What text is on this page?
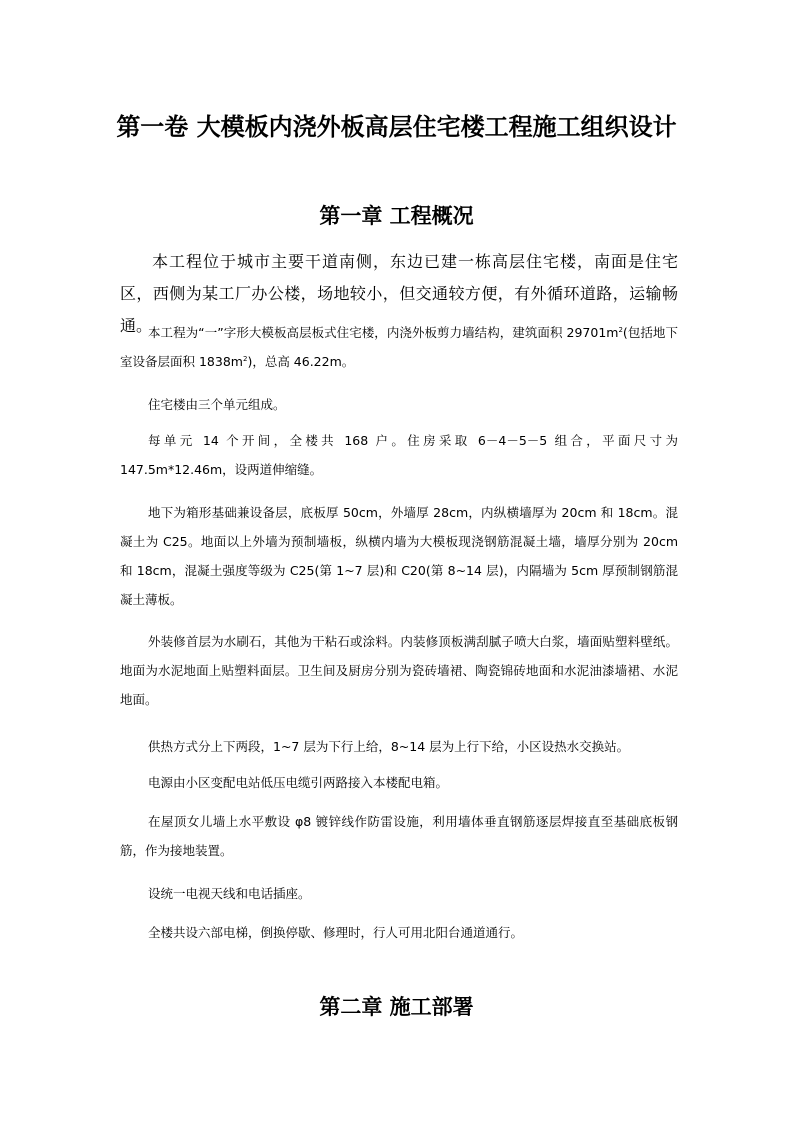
第一卷 大模板内浇外板高层住宅楼工程施工组织设计
第一章 工程概况

本工程位于城市主要干道南侧，东边已建一栋高层住宅楼，南面是住宅区，西侧为某工厂办公楼，场地较小，但交通较方便，有外循环道路，运输畅通。

本工程为“一”字形大模板高层板式住宅楼，内浇外板剪力墙结构，建筑面积 $29701m^2$(包括地下室设备层面积 $1838m^2$)，总高 46.22m。

住宅楼由三个单元组成。

每单元 14 个开间，全楼共 168 户。住房采取 6－4－5－5 组合，平面尺寸为 147.5m*12.46m，设两道伸缩缝。

地下为箱形基础兼设备层，底板厚 50cm，外墙厚 28cm，内纵横墙厚为 20cm 和 18cm。混凝土为 C25。地面以上外墙为预制墙板，纵横内墙为大模板现浇钢筋混凝土墙，墙厚分别为 20cm 和 18cm，混凝土强度等级为 C25(第 1~7 层)和 C20(第 8~14 层)，内隔墙为 5cm 厚预制钢筋混凝土薄板。

外装修首层为水刷石，其他为干粘石或涂料。内装修顶板满刮腻子喷大白浆，墙面贴塑料壁纸。地面为水泥地面上贴塑料面层。卫生间及厨房分别为瓷砖墙裙、陶瓷锦砖地面和水泥油漆墙裙、水泥地面。

供热方式分上下两段，1~7 层为下行上给，8~14 层为上行下给，小区设热水交换站。

电源由小区变配电站低压电缆引两路接入本楼配电箱。

在屋顶女儿墙上水平敷设 φ8 镀锌线作防雷设施，利用墙体垂直钢筋逐层焊接直至基础底板钢筋，作为接地装置。

设统一电视天线和电话插座。

全楼共设六部电梯，倒换停歇、修理时，行人可用北阳台通道通行。

第二章 施工部署
